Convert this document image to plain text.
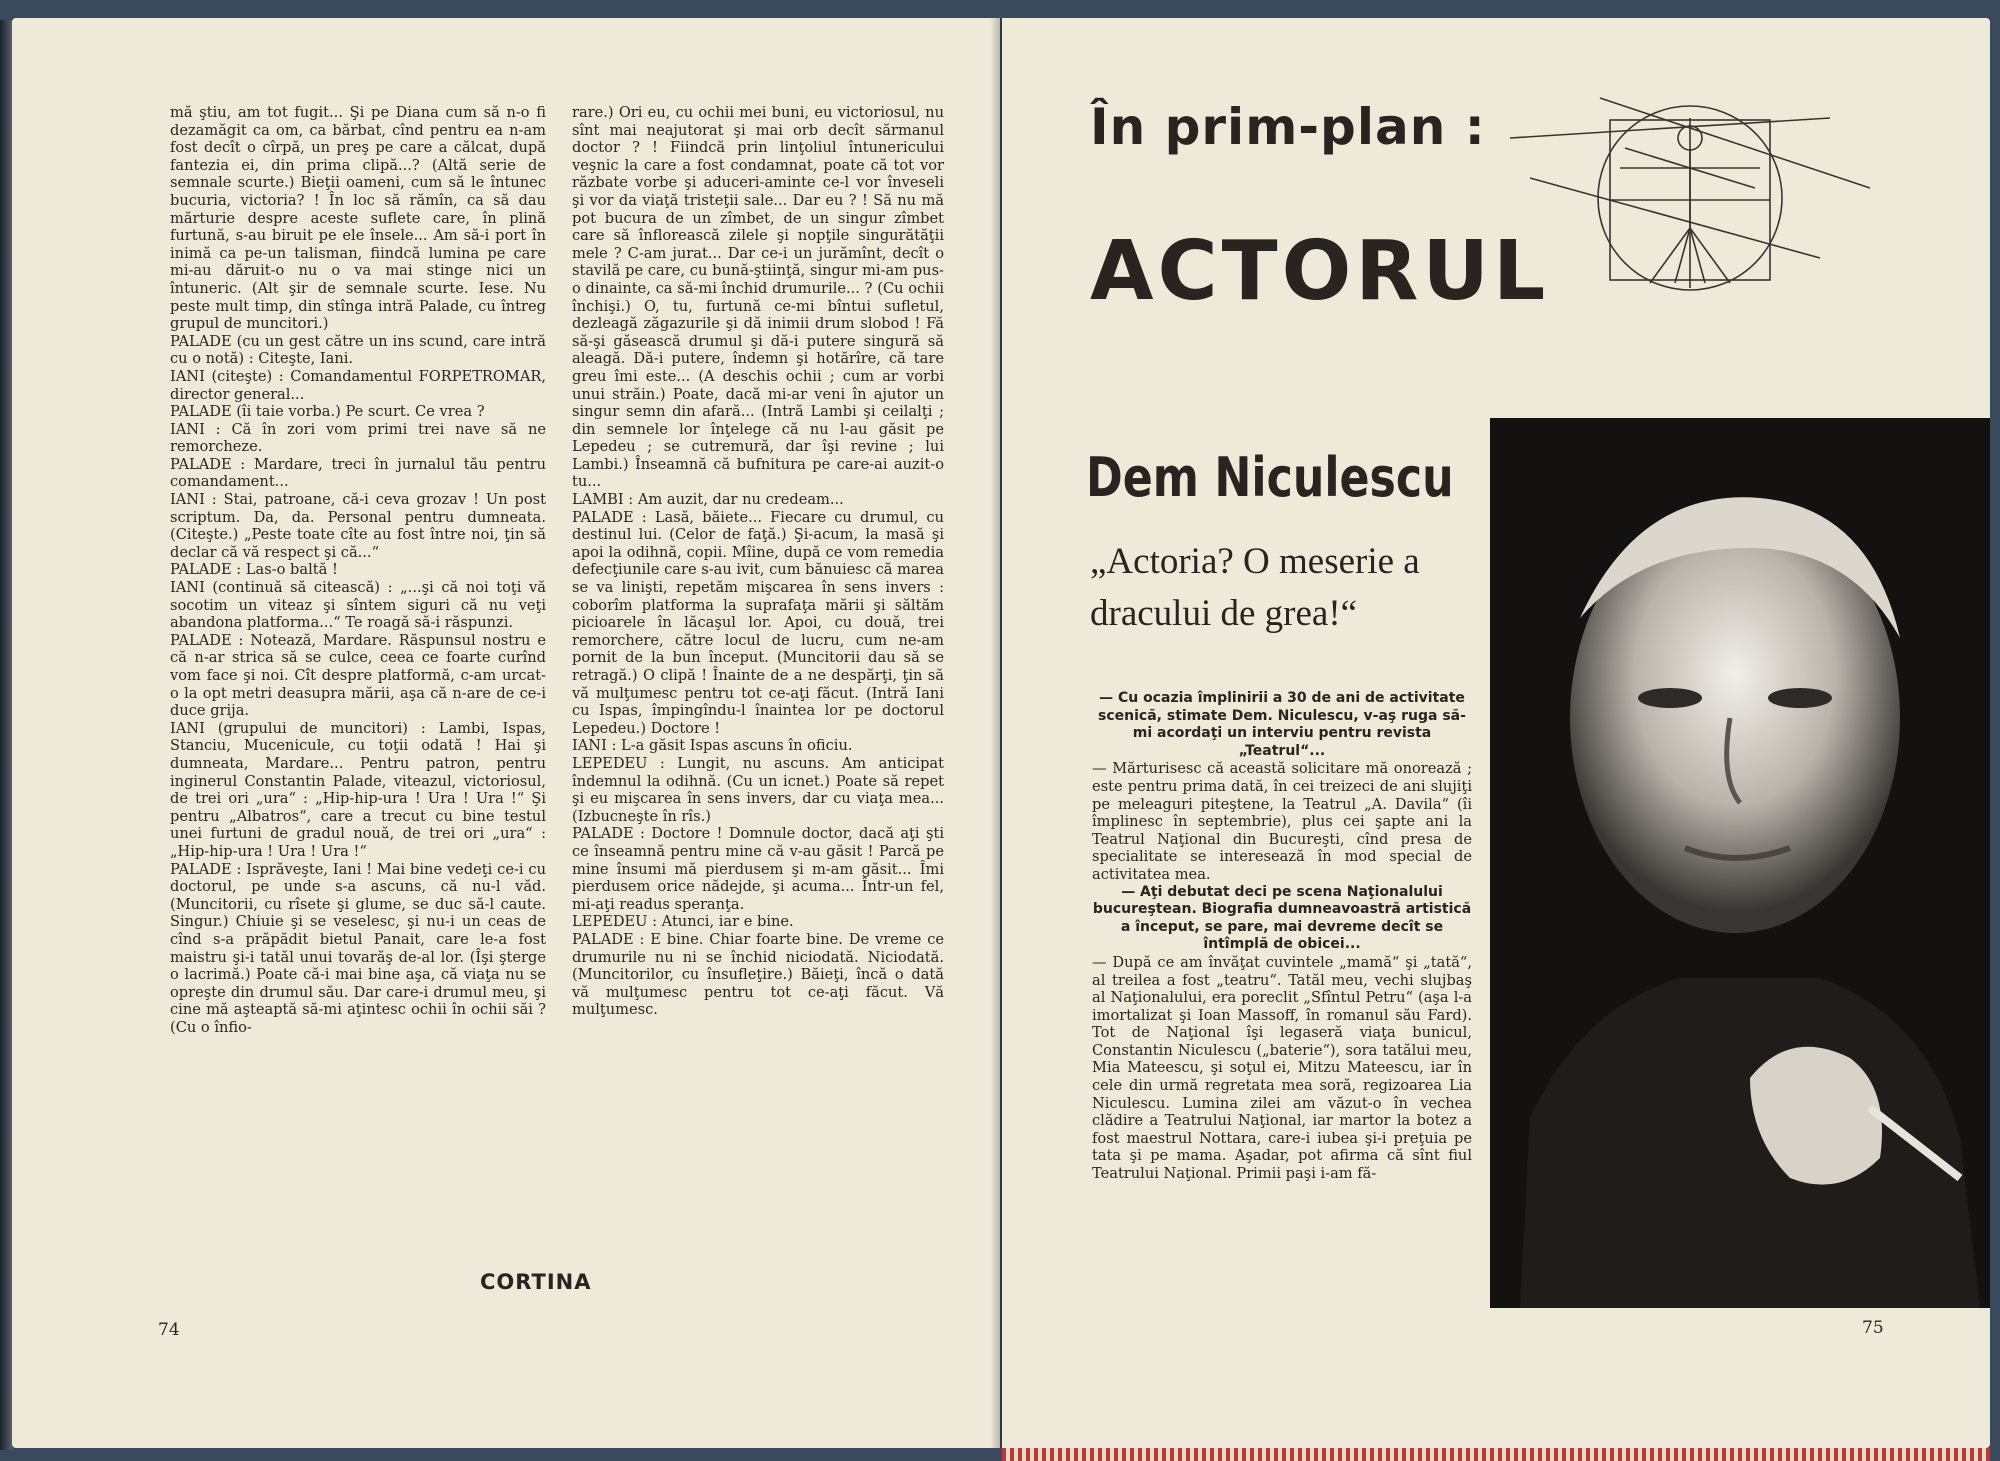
mă ştiu, am tot fugit... Şi pe Diana cum să n-o fi dezamăgit ca om, ca bărbat, cînd pentru ea n-am fost decît o cîrpă, un preş pe care a călcat, după fantezia ei, din prima clipă...? (Altă serie de semnale scurte.) Bieţii oameni, cum să le întunec bucuria, victoria? ! În loc să rămîn, ca să dau mărturie despre aceste suflete care, în plină furtună, s-au biruit pe ele însele... Am să-i port în inimă ca pe-un talisman, fiindcă lumina pe care mi-au dăruit-o nu o va mai stinge nici un întuneric. (Alt şir de semnale scurte. Iese. Nu peste mult timp, din stînga intră Palade, cu întreg grupul de muncitori.)

PALADE (cu un gest către un ins scund, care intră cu o notă) : Citeşte, Iani.

IANI (citeşte) : Comandamentul FORPETROMAR, director general...

PALADE (îi taie vorba.) Pe scurt. Ce vrea ?

IANI : Că în zori vom primi trei nave să ne remorcheze.

PALADE : Mardare, treci în jurnalul tău pentru comandament...

IANI : Stai, patroane, că-i ceva grozav ! Un post scriptum. Da, da. Personal pentru dumneata. (Citeşte.) „Peste toate cîte au fost între noi, ţin să declar că vă respect şi că...“

PALADE : Las-o baltă !

IANI (continuă să citească) : „...şi că noi toţi vă socotim un viteaz şi sîntem siguri că nu veţi abandona platforma...“ Te roagă să-i răspunzi.

PALADE : Notează, Mardare. Răspunsul nostru e că n-ar strica să se culce, ceea ce foarte curînd vom face şi noi. Cît despre platformă, c-am urcat-o la opt metri deasupra mării, aşa că n-are de ce-i duce grija.

IANI (grupului de muncitori) : Lambi, Ispas, Stanciu, Mucenicule, cu toţii odată ! Hai şi dumneata, Mardare... Pentru patron, pentru inginerul Constantin Palade, viteazul, victoriosul, de trei ori „ura“ : „Hip-hip-ura ! Ura ! Ura !“ Şi pentru „Albatros“, care a trecut cu bine testul unei furtuni de gradul nouă, de trei ori „ura“ : „Hip-hip-ura ! Ura ! Ura !“

PALADE : Isprăveşte, Iani ! Mai bine vedeţi ce-i cu doctorul, pe unde s-a ascuns, că nu-l văd. (Muncitorii, cu rîsete şi glume, se duc să-l caute. Singur.) Chiuie şi se veselesc, şi nu-i un ceas de cînd s-a prăpădit bietul Panait, care le-a fost maistru şi-i tatăl unui tovarăş de-al lor. (Îşi şterge o lacrimă.) Poate că-i mai bine aşa, că viaţa nu se opreşte din drumul său. Dar care-i drumul meu, şi cine mă aşteaptă să-mi aţintesc ochii în ochii săi ? (Cu o înfio-

rare.) Ori eu, cu ochii mei buni, eu victoriosul, nu sînt mai neajutorat şi mai orb decît sărmanul doctor ? ! Fiindcă prin linţoliul întunericului veşnic la care a fost condamnat, poate că tot vor răzbate vorbe şi aduceri-aminte ce-l vor înveseli şi vor da viaţă tristeţii sale... Dar eu ? ! Să nu mă pot bucura de un zîmbet, de un singur zîmbet care să înflorească zilele şi nopţile singurătăţii mele ? C-am jurat... Dar ce-i un jurămînt, decît o stavilă pe care, cu bună-ştiinţă, singur mi-am pus-o dinainte, ca să-mi închid drumurile... ? (Cu ochii închişi.) O, tu, furtună ce-mi bîntui sufletul, dezleagă zăgazurile şi dă inimii drum slobod ! Fă să-şi găsească drumul şi dă-i putere singură să aleagă. Dă-i putere, îndemn şi hotărîre, că tare greu îmi este... (A deschis ochii ; cum ar vorbi unui străin.) Poate, dacă mi-ar veni în ajutor un singur semn din afară... (Intră Lambi şi ceilalţi ; din semnele lor înţelege că nu l-au găsit pe Lepedeu ; se cutremură, dar îşi revine ; lui Lambi.) Înseamnă că bufnitura pe care-ai auzit-o tu...

LAMBI : Am auzit, dar nu credeam...

PALADE : Lasă, băiete... Fiecare cu drumul, cu destinul lui. (Celor de faţă.) Şi-acum, la masă şi apoi la odihnă, copii. Mîine, după ce vom remedia defecţiunile care s-au ivit, cum bănuiesc că marea se va linişti, repetăm mişcarea în sens invers : coborîm platforma la suprafaţa mării şi săltăm picioarele în lăcaşul lor. Apoi, cu două, trei remorchere, către locul de lucru, cum ne-am pornit de la bun început. (Muncitorii dau să se retragă.) O clipă ! Înainte de a ne despărţi, ţin să vă mulţumesc pentru tot ce-aţi făcut. (Intră Iani cu Ispas, împingîndu-l înaintea lor pe doctorul Lepedeu.) Doctore !

IANI : L-a găsit Ispas ascuns în oficiu.

LEPEDEU : Lungit, nu ascuns. Am anticipat îndemnul la odihnă. (Cu un icnet.) Poate să repet şi eu mişcarea în sens invers, dar cu viaţa mea... (Izbucneşte în rîs.)

PALADE : Doctore ! Domnule doctor, dacă aţi şti ce înseamnă pentru mine că v-au găsit ! Parcă pe mine însumi mă pierdusem şi m-am găsit... Îmi pierdusem orice nădejde, şi acuma... Într-un fel, mi-aţi readus speranţa.

LEPEDEU : Atunci, iar e bine.

PALADE : E bine. Chiar foarte bine. De vreme ce drumurile nu ni se închid niciodată. Niciodată. (Muncitorilor, cu însufleţire.) Băieţi, încă o dată vă mulţumesc pentru tot ce-aţi făcut. Vă mulţumesc.

CORTINA
74
În prim-plan :
ACTORUL
Dem Niculescu
„Actoria? O meserie a dracului de grea!“

— Cu ocazia împlinirii a 30 de ani de activitate scenică, stimate Dem. Niculescu, v-aş ruga să-mi acordaţi un interviu pentru revista „Teatrul“...

— Mărturisesc că această solicitare mă onorează ; este pentru prima dată, în cei treizeci de ani slujiţi pe meleaguri piteştene, la Teatrul „A. Davila“ (îi împlinesc în septembrie), plus cei şapte ani la Teatrul Naţional din Bucureşti, cînd presa de specialitate se interesează în mod special de activitatea mea.

— Aţi debutat deci pe scena Naţionalului bucureştean. Biografia dumneavoastră artistică a început, se pare, mai devreme decît se întîmplă de obicei...

— După ce am învăţat cuvintele „mamă“ şi „tată“, al treilea a fost „teatru“. Tatăl meu, vechi slujbaş al Naţionalului, era poreclit „Sfîntul Petru“ (aşa l-a imortalizat şi Ioan Massoff, în romanul său Fard). Tot de Naţional îşi legaseră viaţa bunicul, Constantin Niculescu („baterie“), sora tatălui meu, Mia Mateescu, şi soţul ei, Mitzu Mateescu, iar în cele din urmă regretata mea soră, regizoarea Lia Niculescu. Lumina zilei am văzut-o în vechea clădire a Teatrului Naţional, iar martor la botez a fost maestrul Nottara, care-i iubea şi-i preţuia pe tata şi pe mama. Aşadar, pot afirma că sînt fiul Teatrului Naţional. Primii paşi i-am fă-

75
